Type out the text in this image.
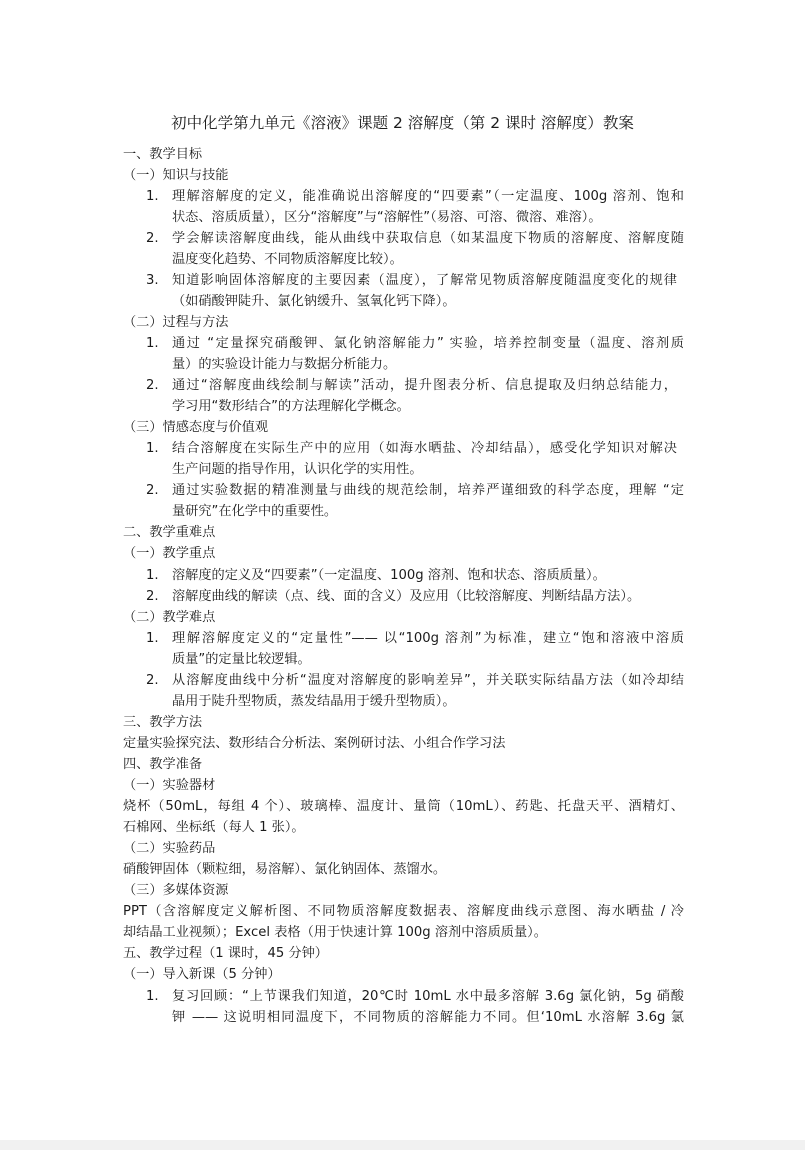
初中化学第九单元《溶液》课题 2 溶解度（第 2 课时 溶解度）教案
一、教学目标
（一）知识与技能
1. 理解溶解度的定义，能准确说出溶解度的“四要素”（一定温度、100g 溶剂、饱和
状态、溶质质量），区分“溶解度”与“溶解性”（易溶、可溶、微溶、难溶）。
2. 学会解读溶解度曲线，能从曲线中获取信息（如某温度下物质的溶解度、溶解度随
温度变化趋势、不同物质溶解度比较）。
3. 知道影响固体溶解度的主要因素（温度），了解常见物质溶解度随温度变化的规律
（如硝酸钾陡升、氯化钠缓升、氢氧化钙下降）。
（二）过程与方法
1. 通过 “定量探究硝酸钾、氯化钠溶解能力” 实验，培养控制变量（温度、溶剂质
量）的实验设计能力与数据分析能力。
2. 通过“溶解度曲线绘制与解读”活动，提升图表分析、信息提取及归纳总结能力，
学习用“数形结合”的方法理解化学概念。
（三）情感态度与价值观
1. 结合溶解度在实际生产中的应用（如海水晒盐、冷却结晶），感受化学知识对解决
生产问题的指导作用，认识化学的实用性。
2. 通过实验数据的精准测量与曲线的规范绘制，培养严谨细致的科学态度，理解 “定
量研究”在化学中的重要性。
二、教学重难点
（一）教学重点
1. 溶解度的定义及“四要素”（一定温度、100g 溶剂、饱和状态、溶质质量）。
2. 溶解度曲线的解读（点、线、面的含义）及应用（比较溶解度、判断结晶方法）。
（二）教学难点
1. 理解溶解度定义的“定量性”—— 以“100g 溶剂”为标准，建立“饱和溶液中溶质
质量”的定量比较逻辑。
2. 从溶解度曲线中分析“温度对溶解度的影响差异”，并关联实际结晶方法（如冷却结
晶用于陡升型物质，蒸发结晶用于缓升型物质）。
三、教学方法
定量实验探究法、数形结合分析法、案例研讨法、小组合作学习法
四、教学准备
（一）实验器材
烧杯（50mL，每组 4 个）、玻璃棒、温度计、量筒（10mL）、药匙、托盘天平、酒精灯、
石棉网、坐标纸（每人 1 张）。
（二）实验药品
硝酸钾固体（颗粒细，易溶解）、氯化钠固体、蒸馏水。
（三）多媒体资源
PPT（含溶解度定义解析图、不同物质溶解度数据表、溶解度曲线示意图、海水晒盐 / 冷
却结晶工业视频）；Excel 表格（用于快速计算 100g 溶剂中溶质质量）。
五、教学过程（1 课时，45 分钟）
（一）导入新课（5 分钟）
1. 复习回顾：“上节课我们知道，20℃时 10mL 水中最多溶解 3.6g 氯化钠，5g 硝酸
钾 —— 这说明相同温度下，不同物质的溶解能力不同。但‘10mL 水溶解 3.6g 氯
